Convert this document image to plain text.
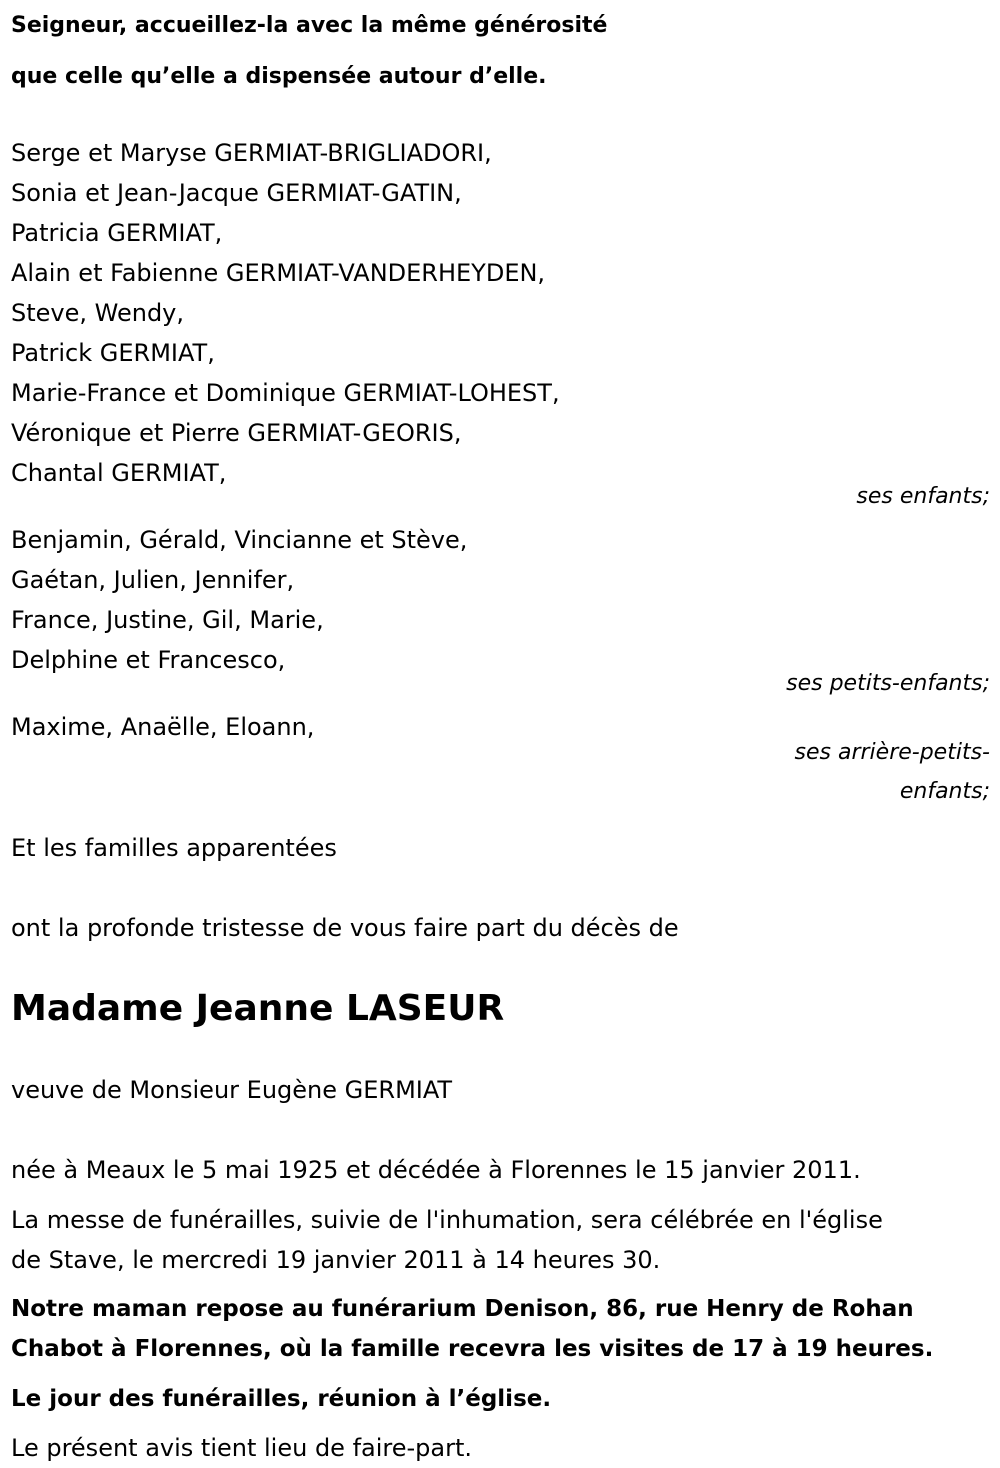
Seigneur, accueillez-la avec la même générosité
que celle qu’elle a dispensée autour d’elle.
Serge et Maryse GERMIAT-BRIGLIADORI,
Sonia et Jean-Jacque GERMIAT-GATIN,
Patricia GERMIAT,
Alain et Fabienne GERMIAT-VANDERHEYDEN,
Steve, Wendy,
Patrick GERMIAT,
Marie-France et Dominique GERMIAT-LOHEST,
Véronique et Pierre GERMIAT-GEORIS,
Chantal GERMIAT,
ses enfants;
Benjamin, Gérald, Vincianne et Stève,
Gaétan, Julien, Jennifer,
France, Justine, Gil, Marie,
Delphine et Francesco,
ses petits-enfants;
Maxime, Anaëlle, Eloann,
ses arrière-petits-
enfants;

Et les familles apparentées

ont la profonde tristesse de vous faire part du décès de

Madame Jeanne LASEUR

veuve de Monsieur Eugène GERMIAT

née à Meaux le 5 mai 1925 et décédée à Florennes le 15 janvier 2011.

La messe de funérailles, suivie de l'inhumation, sera célébrée en l'église
de Stave, le mercredi 19 janvier 2011 à 14 heures 30.
Notre maman repose au funérarium Denison, 86, rue Henry de Rohan
Chabot à Florennes, où la famille recevra les visites de 17 à 19 heures.

Le jour des funérailles, réunion à l’église.

Le présent avis tient lieu de faire-part.
